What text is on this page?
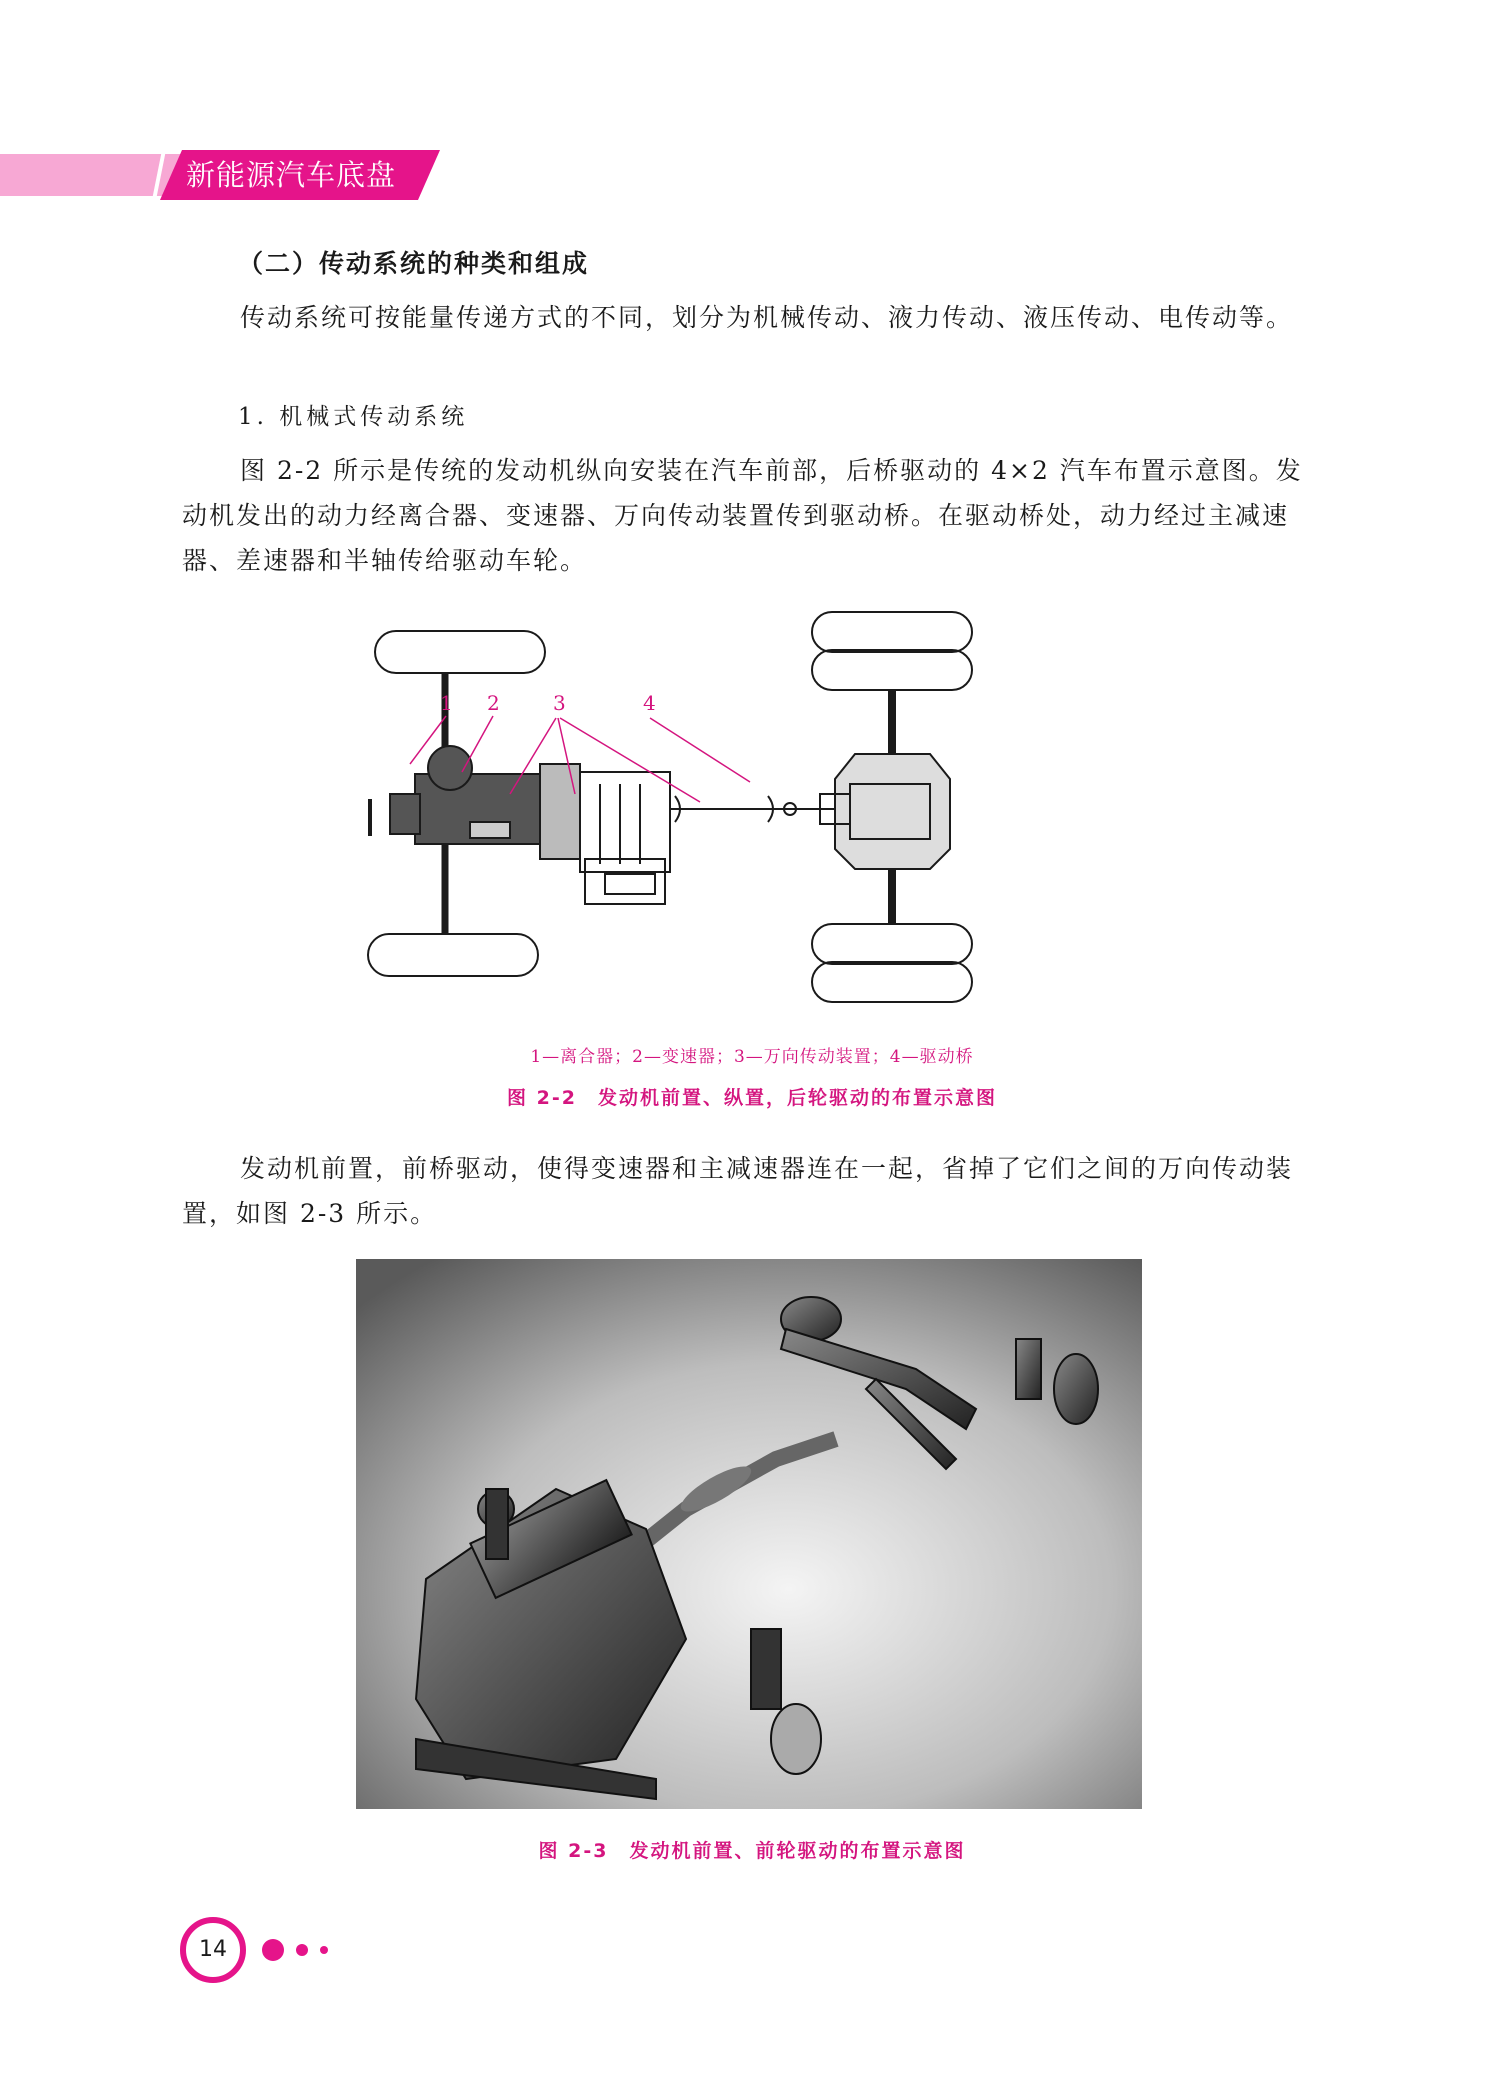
新能源汽车底盘
（二）传动系统的种类和组成
传动系统可按能量传递方式的不同，划分为机械传动、液力传动、液压传动、电传动等。
1. 机械式传动系统
图 2-2 所示是传统的发动机纵向安装在汽车前部，后桥驱动的 4×2 汽车布置示意图。发动机发出的动力经离合器、变速器、万向传动装置传到驱动桥。在驱动桥处，动力经过主减速器、差速器和半轴传给驱动车轮。
1 2	3	4
1—离合器；2—变速器；3—万向传动装置；4—驱动桥
图 2-2　发动机前置、纵置，后轮驱动的布置示意图
发动机前置，前桥驱动，使得变速器和主减速器连在一起，省掉了它们之间的万向传动装置，如图 2-3 所示。
图 2-3　发动机前置、前轮驱动的布置示意图
14
